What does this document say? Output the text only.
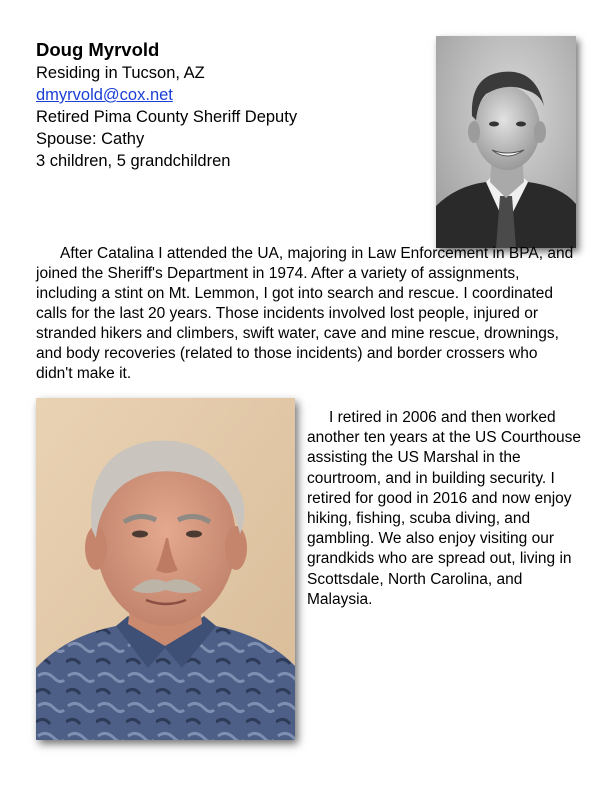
Doug Myrvold
Residing in Tucson, AZ
dmyrvold@cox.net
Retired Pima County Sheriff Deputy
Spouse: Cathy
3 children, 5 grandchildren
After Catalina I attended the UA, majoring in Law Enforcement in BPA, and joined the Sheriff's Department in 1974. After a variety of assignments, including a stint on Mt. Lemmon, I got into search and rescue. I coordinated calls for the last 20 years. Those incidents involved lost people, injured or stranded hikers and climbers, swift water, cave and mine rescue, drownings, and body recoveries (related to those incidents) and border crossers who didn't make it.
I retired in 2006 and then worked another ten years at the US Courthouse assisting the US Marshal in the courtroom, and in building security. I retired for good in 2016 and now enjoy hiking, fishing, scuba diving, and gambling. We also enjoy visiting our grandkids who are spread out, living in Scottsdale, North Carolina, and Malaysia.
